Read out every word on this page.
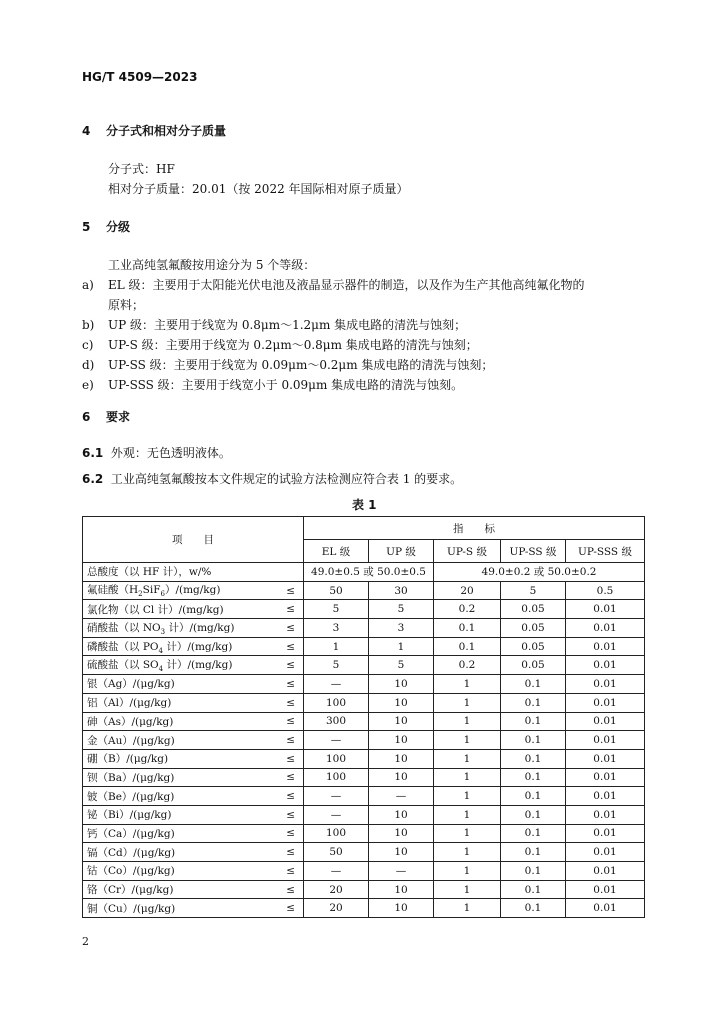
HG/T 4509—2023
4 分子式和相对分子质量
分子式：HF
相对分子质量：20.01（按 2022 年国际相对原子质量）
5 分级
工业高纯氢氟酸按用途分为 5 个等级：
a) EL 级：主要用于太阳能光伏电池及液晶显示器件的制造，以及作为生产其他高纯氟化物的
原料；
b) UP 级：主要用于线宽为 0.8μm～1.2μm 集成电路的清洗与蚀刻；
c) UP-S 级：主要用于线宽为 0.2μm～0.8μm 集成电路的清洗与蚀刻；
d) UP-SS 级：主要用于线宽为 0.09μm～0.2μm 集成电路的清洗与蚀刻；
e) UP-SSS 级：主要用于线宽小于 0.09μm 集成电路的清洗与蚀刻。
6 要求
6.1 外观：无色透明液体。
6.2 工业高纯氢氟酸按本文件规定的试验方法检测应符合表 1 的要求。
表 1
项　　目		指　　标				
		EL 级	UP 级	UP-S 级	UP-SS 级	UP-SSS 级
总酸度（以 HF 计），w/%		49.0±0.5 或 50.0±0.5		49.0±0.2 或 50.0±0.2		
氟硅酸$(H_2SiF_6)/(mg/kg)$	≤	50	30	20	5	0.5
氯化物（以 Cl 计）/(mg/kg)	≤	5	5	0.2	0.05	0.01
硝酸盐（以 $NO_3$ 计）/(mg/kg)	≤	3	3	0.1	0.05	0.01
磷酸盐（以 $PO_4$ 计）/(mg/kg)	≤	1	1	0.1	0.05	0.01
硫酸盐（以 $SO_4$ 计）/(mg/kg)	≤	5	5	0.2	0.05	0.01
银（Ag）/(μg/kg)	≤	—	10	1	0.1	0.01
铝（Al）/(μg/kg)	≤	100	10	1	0.1	0.01
砷（As）/(μg/kg)	≤	300	10	1	0.1	0.01
金（Au）/(μg/kg)	≤	—	10	1	0.1	0.01
硼（B）/(μg/kg)	≤	100	10	1	0.1	0.01
钡（Ba）/(μg/kg)	≤	100	10	1	0.1	0.01
铍（Be）/(μg/kg)	≤	—	—	1	0.1	0.01
铋（Bi）/(μg/kg)	≤	—	10	1	0.1	0.01
钙（Ca）/(μg/kg)	≤	100	10	1	0.1	0.01
镉（Cd）/(μg/kg)	≤	50	10	1	0.1	0.01
钴（Co）/(μg/kg)	≤	—	—	1	0.1	0.01
铬（Cr）/(μg/kg)	≤	20	10	1	0.1	0.01
铜（Cu）/(μg/kg)	≤	20	10	1	0.1	0.01
2
